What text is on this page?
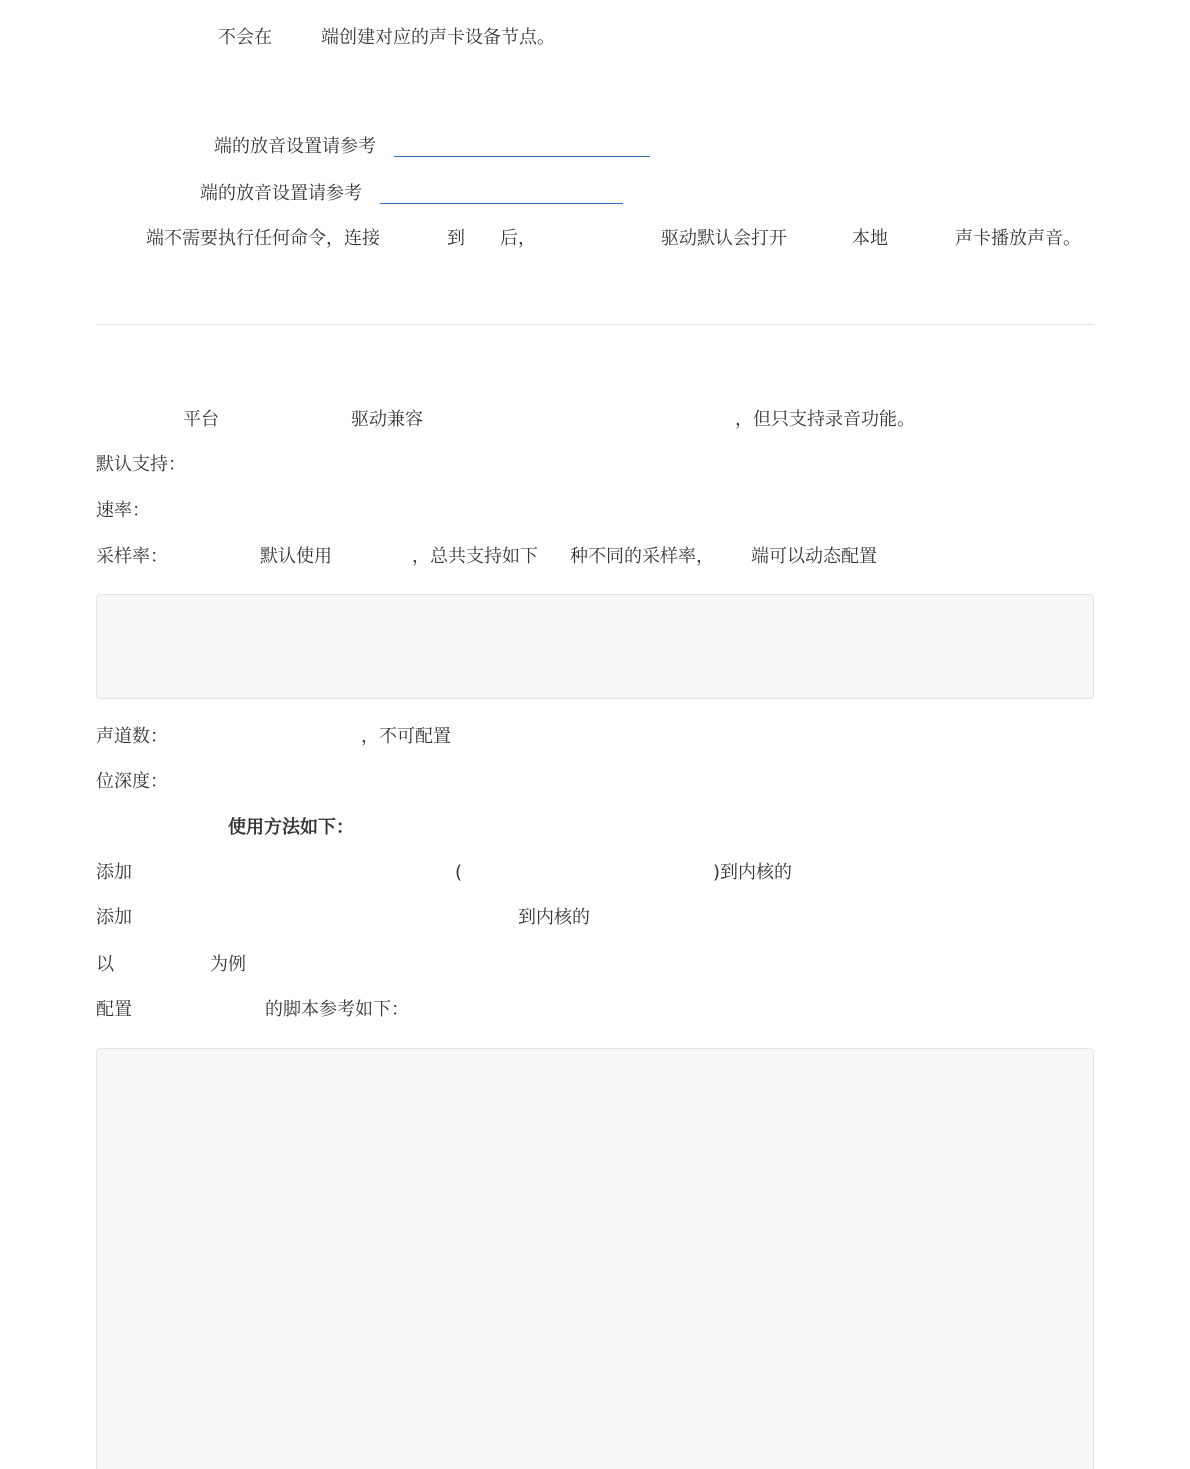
不会在	端创建对应的声卡设备节点。
端的放音设置请参考
端的放音设置请参考
端不需要执行任何命令，连接	到 后，	驱动默认会打开	本地	声卡播放声音。
平台	驱动兼容	，但只支持录音功能。
默认支持：
速率：
采样率：	默认使用	，总共支持如下 种不同的采样率， 端可以动态配置
声道数：	，不可配置
位深度：
使用方法如下：
添加	(	)到内核的
添加	到内核的
以	为例
配置	的脚本参考如下：
